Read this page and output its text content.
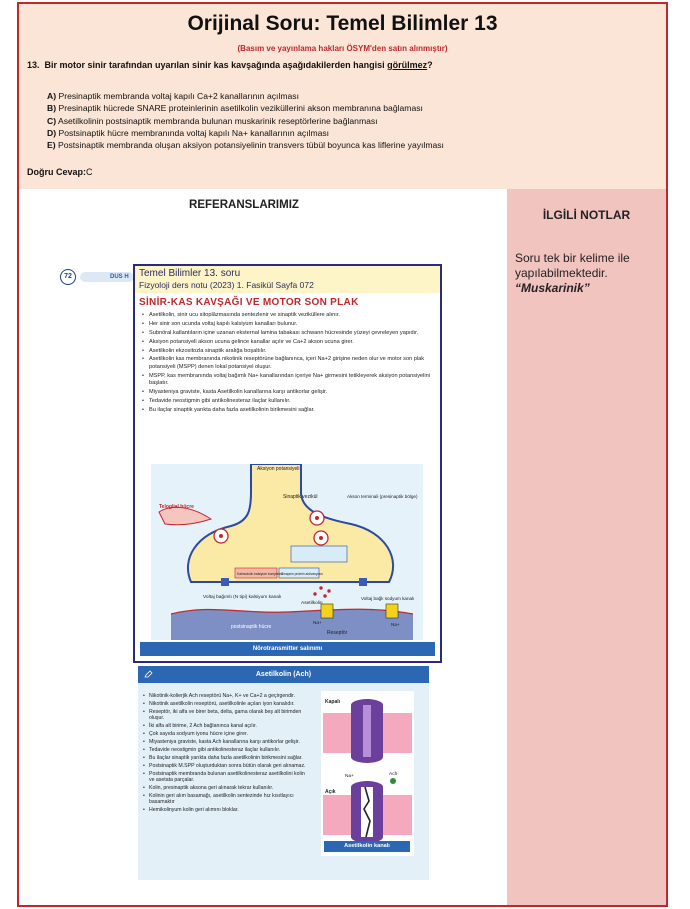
Orijinal Soru: Temel Bilimler 13
(Basım ve yayınlama hakları ÖSYM'den satın alınmıştır)
13. Bir motor sinir tarafından uyarılan sinir kas kavşağında aşağıdakilerden hangisi görülmez?
A) Presinaptik membranda voltaj kapılı Ca+2 kanallarının açılması
B) Presinaptik hücrede SNARE proteinlerinin asetilkolin veziküllerini akson membranına bağlaması
C) Asetilkolinin postsinaptik membranda bulunan muskarinik reseptörlerine bağlanması
D) Postsinaptik hücre membranında voltaj kapılı Na+ kanallarının açılması
E) Postsinaptik membranda oluşan aksiyon potansiyelinin transvers tübül boyunca kas liflerine yayılması
Doğru Cevap:C
İLGİLİ NOTLAR
Soru tek bir kelime ile yapılabilmektedir.
“Muskarinik”
REFERANSLARIMIZ
72	DUS H	Temel Bilimler 13. soru
Fizyoloji ders notu (2023) 1. Fasikül Sayfa 072
SİNİR-KAS KAVŞAĞI VE MOTOR SON PLAK
• Asetilkolin, sinir ucu sitoplâzmasında sentezlenir ve sinaptik veziküllere alınır.
• Her sinir son ucunda voltaj kapılı kalsiyum kanalları bulunur.
• Subnöral katlantıların içine uzanan eksternal lamina tabakası schwann hücresinde yüzeyi çevreleyen yapıdır.
• Aksiyon potansiyeli akson ucuna gelince kanallar açılır ve Ca+2 akson ucuna girer.
• Asetilkolin ekzositozla sinaptik aralığa boşaltılır.
• Asetilkolin kas membranında nikotinik reseptörüne bağlanınca, içeri Na+2 girişine neden olur ve motor son plak potansiyeli (MSPP) denen lokal potansiyel oluşur.
• MSPP, kas membranında voltaj bağımlı Na+ kanallarından içeriye Na+ girmesini tetikleyerek aksiyon potansiyelini başlatır.
• Miyasteniya graviste, kasta Asetilkolin kanallarına karşı antikorlar gelişir.
• Tedavide neostigmin gibi antikolinesteraz ilaçlar kullanılır.
• Bu ilaçlar sinaptik yarıkta daha fazla asetilkolinin birikmesini sağlar.
Aksiyon potansiyeli
Teloglial hücre
Sinaptik vezikül	Akson terminali (presinaptik bölge)
Kalmodulin kalsiyum kompleksi
Sinapsin protein aktivasyonu
Voltaj bağımlı (N tipi) kalsiyum kanalı
Asetilkolin
Voltaj bağlı sodyum kanalı
postsinaptik hücre
Reseptör
Na+	Na+
Nörotransmitter salınımı
Asetilkolin (Ach)
• Nikotinik-kolierjik Ach reseptörü Na+, K+ ve Ca+2 a geçirgendir.
• Nikotinik asetilkolin reseptörü, asetilkolinle açılan iyon kanalıdır.
• Reseptör, iki alfa ve birer beta, delta, gama olarak beş alt birimden oluşur.
• İki alfa alt birime, 2 Ach bağlanınca kanal açılır.
• Çok sayıda sodyum iyonu hücre içine girer.
• Miyasteniya graviste, kasta Ach kanallarına karşı antikorlar gelişir.
• Tedavide neostigmin gibi antikolinesteraz ilaçlar kullanılır.
• Bu ilaçlar sinaptik yarıkta daha fazla asetilkolinin birikmesini sağlar.
• Postsinaptik M.SPP oluşturduktan sonra bütün olarak geri alınamaz.
• Postsinaptik membranda bulunan asetilkolinesteraz asetilkolini kolin ve asetata parçalar.
• Kolin, presinaptik aksona geri alınarak tekrar kullanılır.
• Kolinin geri alım basamağı, asetilkolin sentezinde hız kısıtlayıcı basamaktır
• Hemikolinyum kolin geri alımını bloklar.
Kapalı
Açık
Na+	Ach
Asetilkolin kanalı
